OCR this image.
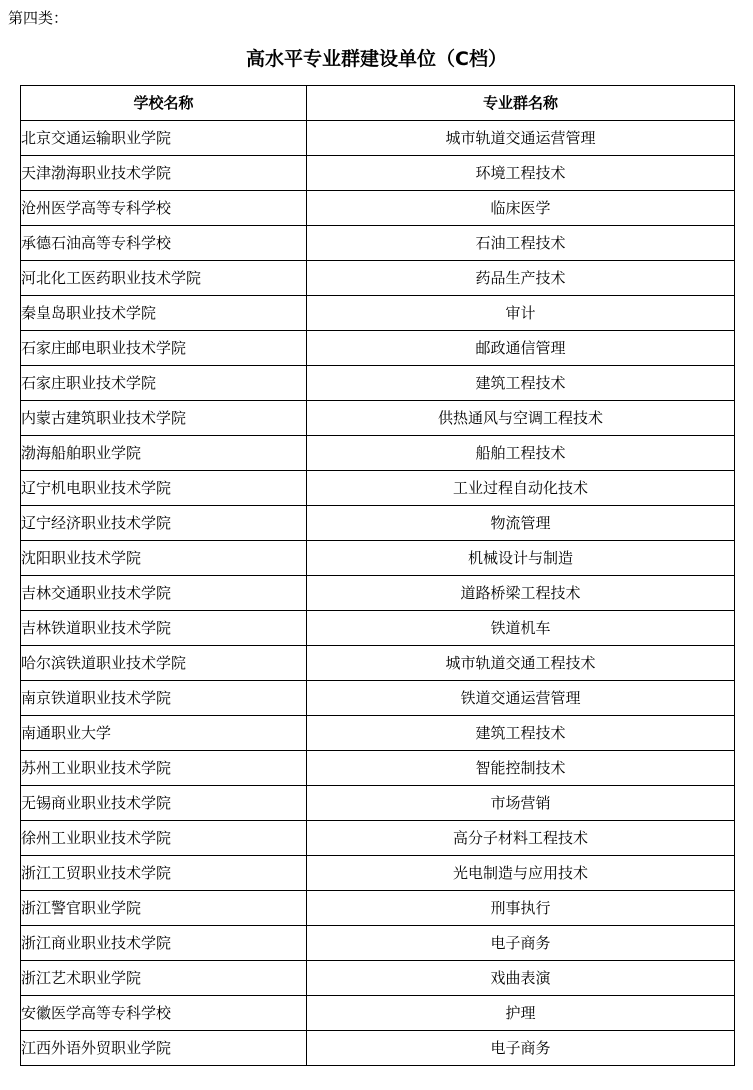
第四类：
高水平专业群建设单位（C档）
学校名称	专业群名称
北京交通运输职业学院	城市轨道交通运营管理
天津渤海职业技术学院	环境工程技术
沧州医学高等专科学校	临床医学
承德石油高等专科学校	石油工程技术
河北化工医药职业技术学院	药品生产技术
秦皇岛职业技术学院	审计
石家庄邮电职业技术学院	邮政通信管理
石家庄职业技术学院	建筑工程技术
内蒙古建筑职业技术学院	供热通风与空调工程技术
渤海船舶职业学院	船舶工程技术
辽宁机电职业技术学院	工业过程自动化技术
辽宁经济职业技术学院	物流管理
沈阳职业技术学院	机械设计与制造
吉林交通职业技术学院	道路桥梁工程技术
吉林铁道职业技术学院	铁道机车
哈尔滨铁道职业技术学院	城市轨道交通工程技术
南京铁道职业技术学院	铁道交通运营管理
南通职业大学	建筑工程技术
苏州工业职业技术学院	智能控制技术
无锡商业职业技术学院	市场营销
徐州工业职业技术学院	高分子材料工程技术
浙江工贸职业技术学院	光电制造与应用技术
浙江警官职业学院	刑事执行
浙江商业职业技术学院	电子商务
浙江艺术职业学院	戏曲表演
安徽医学高等专科学校	护理
江西外语外贸职业学院	电子商务
